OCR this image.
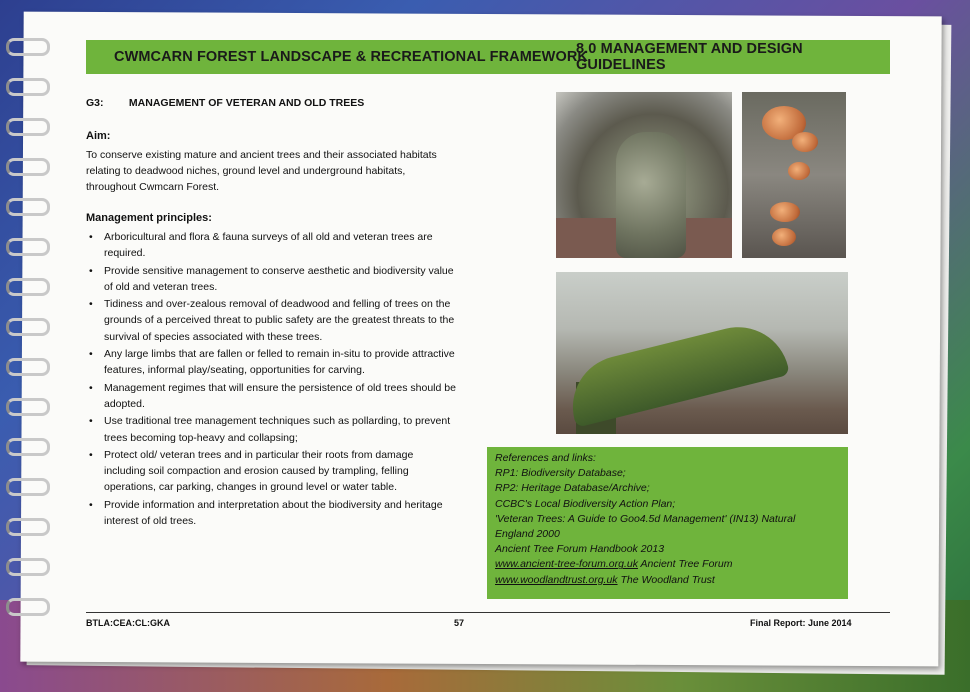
CWMCARN FOREST LANDSCAPE & RECREATIONAL FRAMEWORK
8.0 MANAGEMENT AND DESIGN GUIDELINES
G3: MANAGEMENT OF VETERAN AND OLD TREES
Aim:
To conserve existing mature and ancient trees and their associated habitats relating to deadwood niches, ground level and underground habitats, throughout Cwmcarn Forest.
Management principles:
• Arboricultural and flora & fauna surveys of all old and veteran trees are required.
• Provide sensitive management to conserve aesthetic and biodiversity value of old and veteran trees.
• Tidiness and over-zealous removal of deadwood and felling of trees on the grounds of a perceived threat to public safety are the greatest threats to the survival of species associated with these trees.
• Any large limbs that are fallen or felled to remain in-situ to provide attractive features, informal play/seating, opportunities for carving.
• Management regimes that will ensure the persistence of old trees should be adopted.
• Use traditional tree management techniques such as pollarding, to prevent trees becoming top-heavy and collapsing;
• Protect old/ veteran trees and in particular their roots from damage including soil compaction and erosion caused by trampling, felling operations, car parking, changes in ground level or water table.
• Provide information and interpretation about the biodiversity and heritage interest of old trees.
References and links:
RP1: Biodiversity Database;
RP2: Heritage Database/Archive;
CCBC's Local Biodiversity Action Plan;
'Veteran Trees: A Guide to Goo4.5d Management' (IN13) Natural
England 2000
Ancient Tree Forum Handbook 2013
www.ancient-tree-forum.org.uk Ancient Tree Forum
www.woodlandtrust.org.uk The Woodland Trust
BTLA:CEA:CL:GKA	57	Final Report: June 2014
